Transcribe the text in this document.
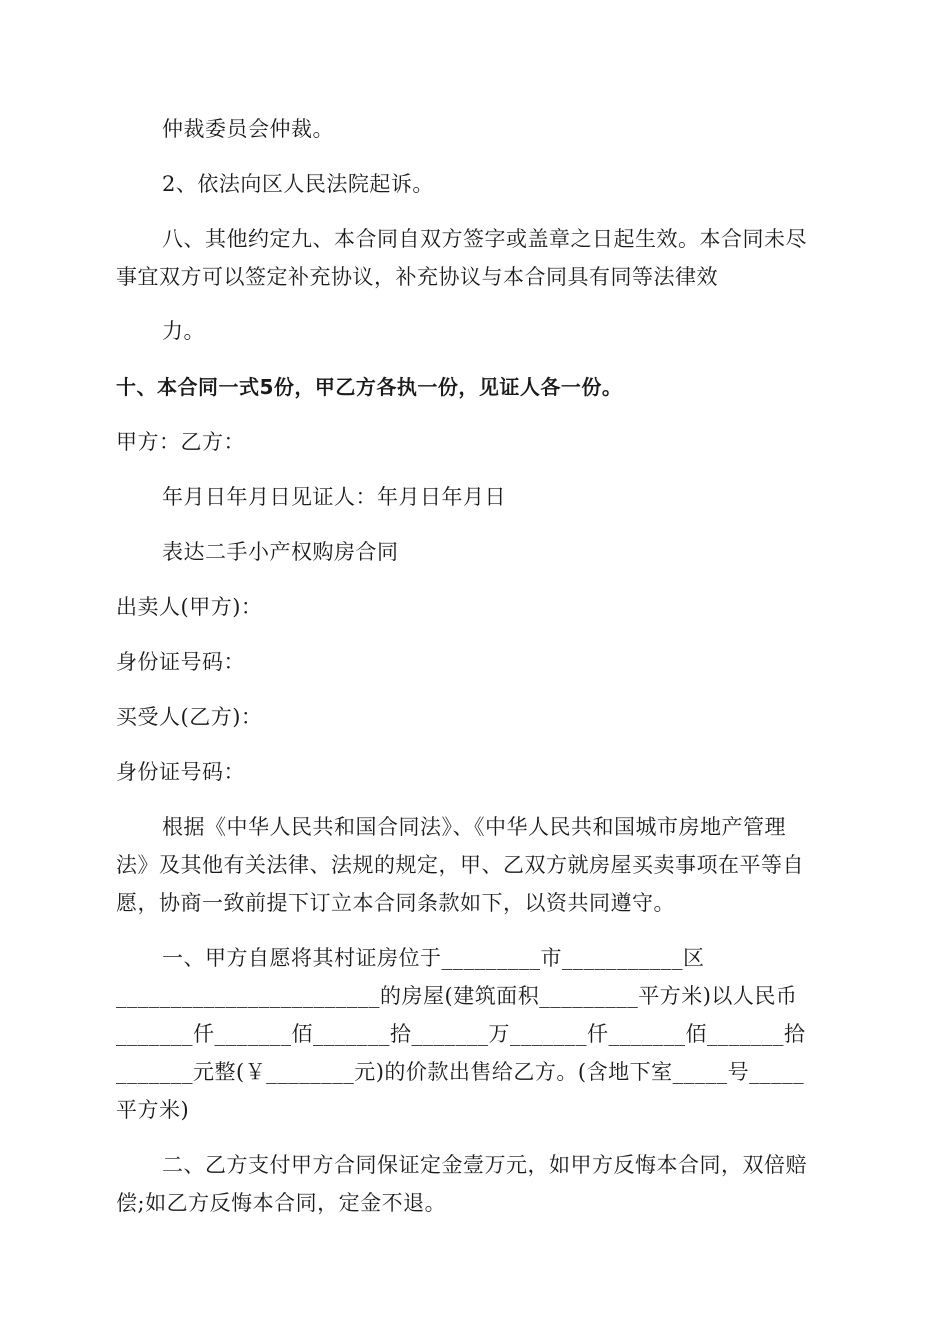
仲裁委员会仲裁。
2、依法向区人民法院起诉。
八、其他约定九、本合同自双方签字或盖章之日起生效。本合同未尽
事宜双方可以签定补充协议，补充协议与本合同具有同等法律效
力。
十、本合同一式5份，甲乙方各执一份，见证人各一份。
甲方：乙方：
年月日年月日见证人：年月日年月日
表达二手小产权购房合同
出卖人(甲方)：
身份证号码：
买受人(乙方)：
身份证号码：
根据《中华人民共和国合同法》、《中华人民共和国城市房地产管理
法》及其他有关法律、法规的规定，甲、乙双方就房屋买卖事项在平等自
愿，协商一致前提下订立本合同条款如下，以资共同遵守。
一、甲方自愿将其村证房位于_________市___________区
________________________的房屋(建筑面积_________平方米)以人民币
_______仟_______佰_______拾_______万_______仟_______佰_______拾
_______元整(￥________元)的价款出售给乙方。(含地下室_____号_____
平方米)
二、乙方支付甲方合同保证定金壹万元，如甲方反悔本合同，双倍赔
偿;如乙方反悔本合同，定金不退。
